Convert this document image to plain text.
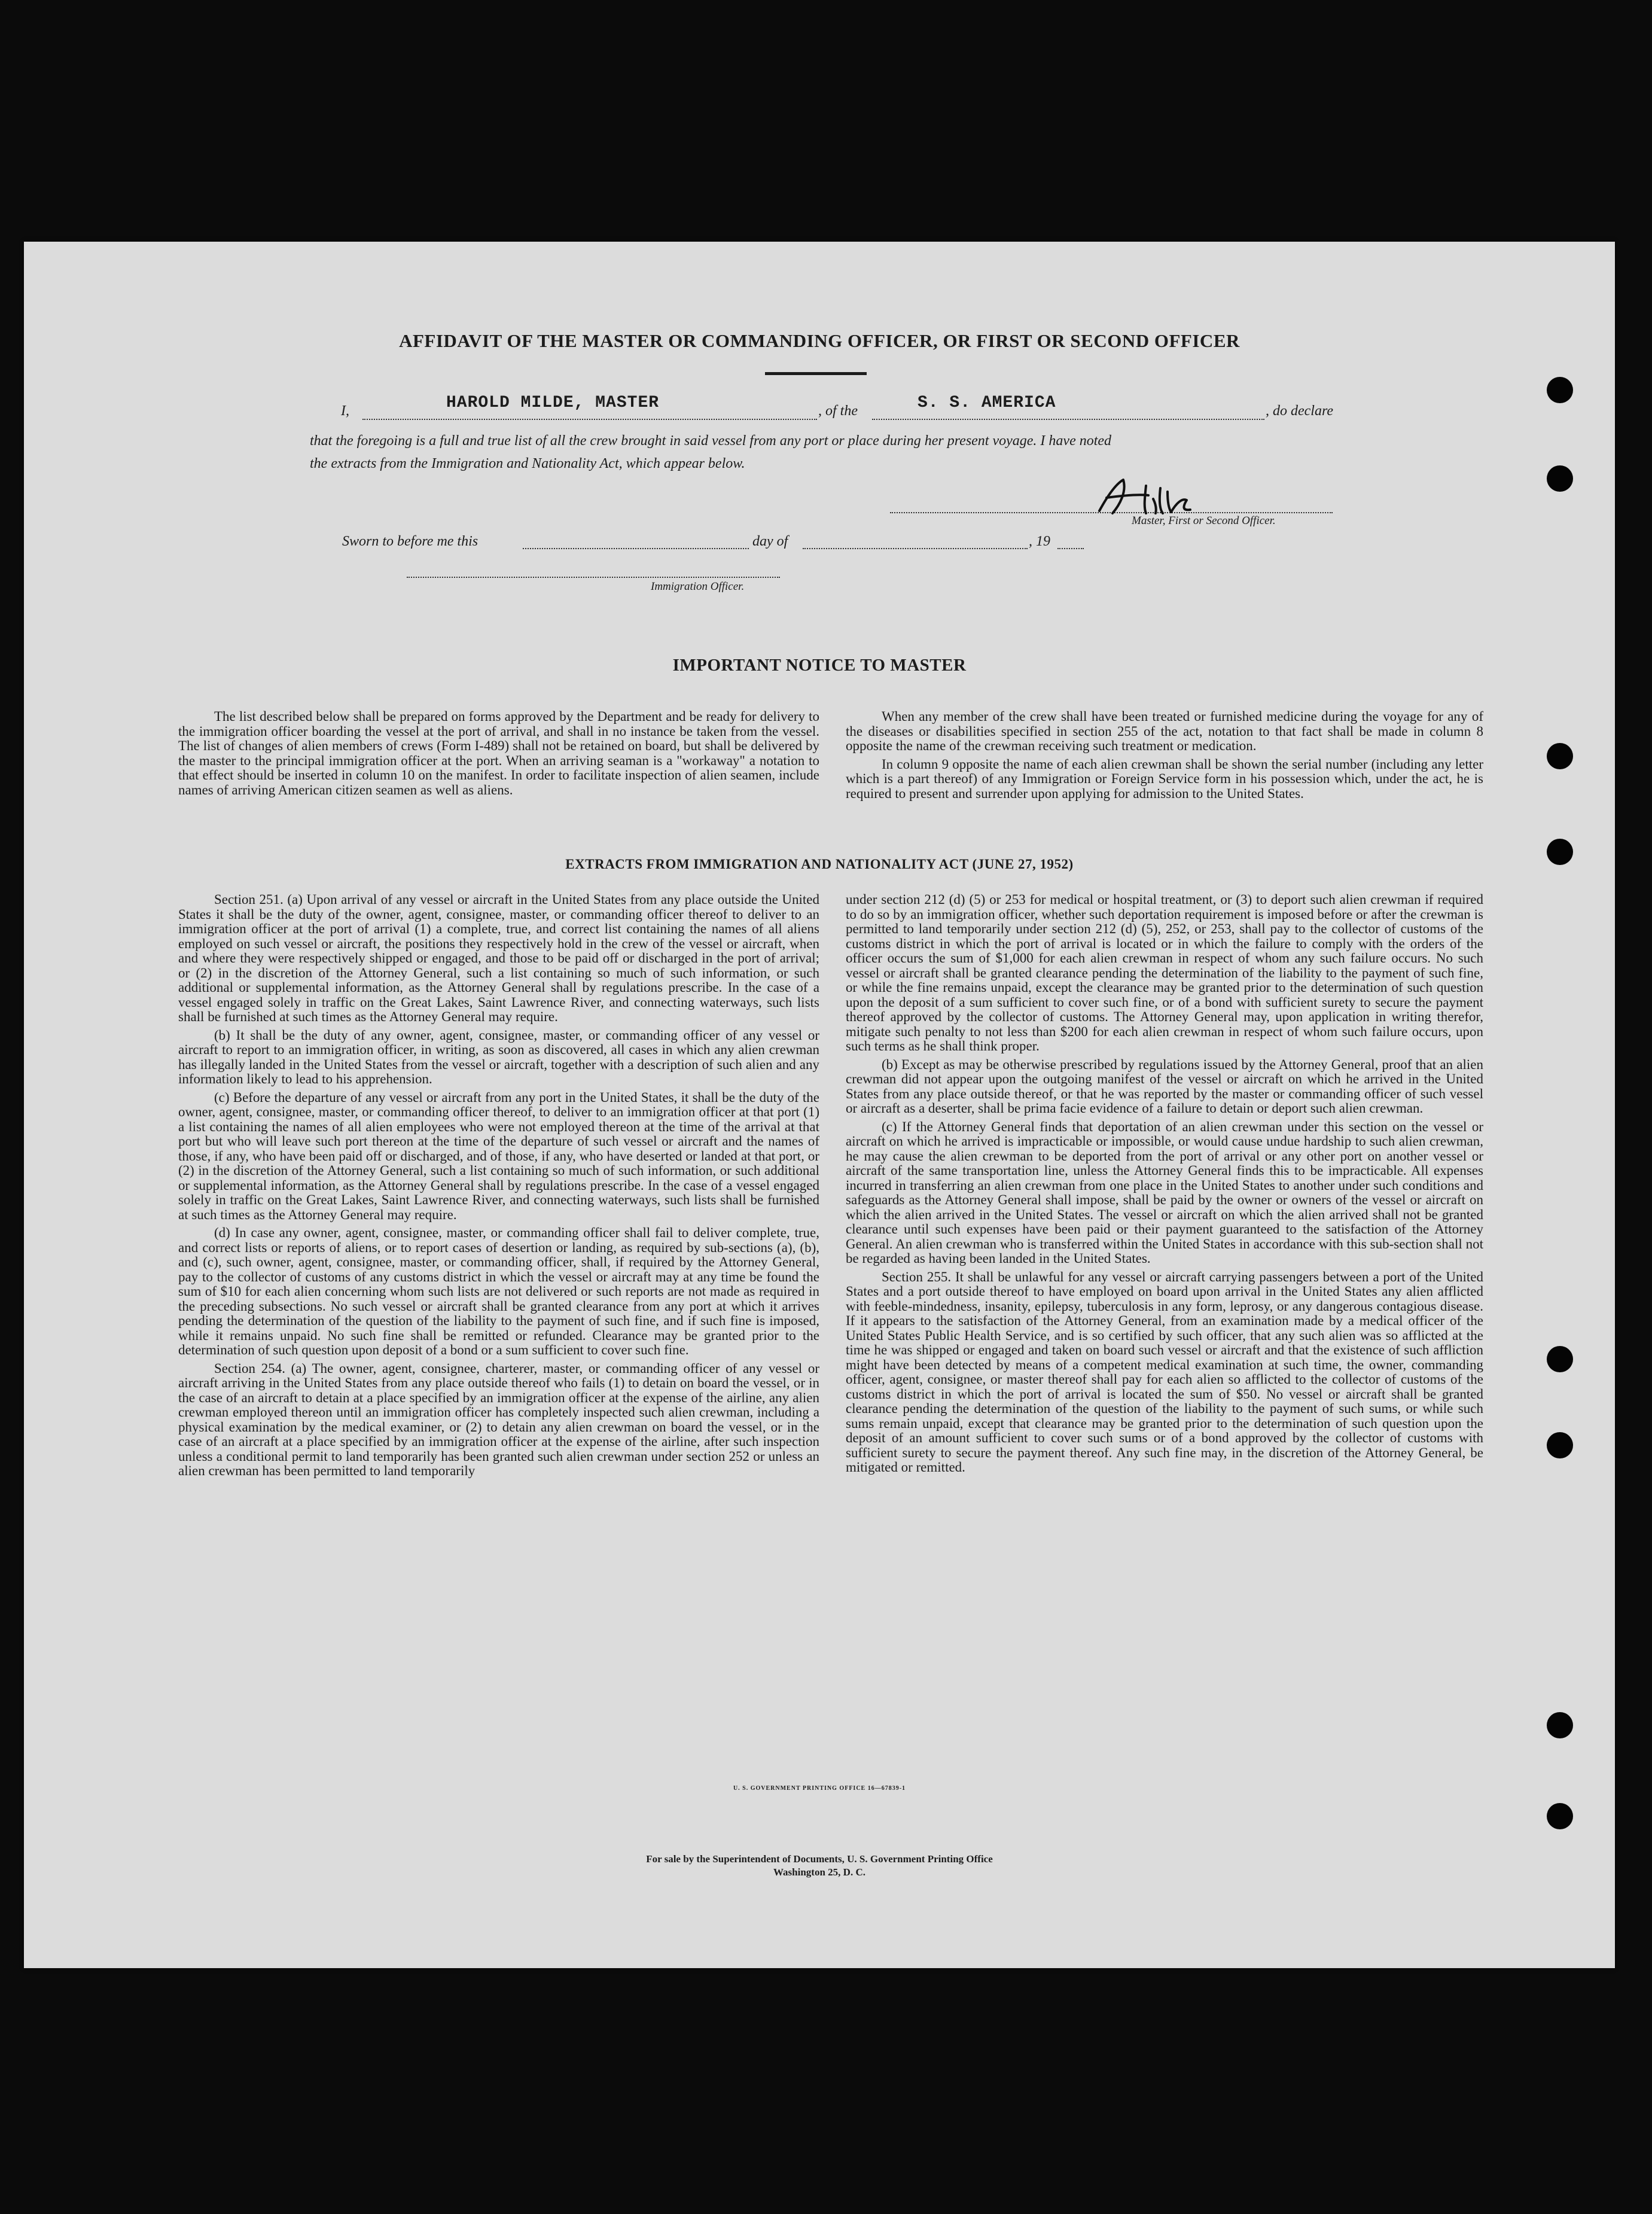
AFFIDAVIT OF THE MASTER OR COMMANDING OFFICER, OR FIRST OR SECOND OFFICER
I,	HAROLD MILDE, MASTER	, of the	S. S. AMERICA	, do declare
that the foregoing is a full and true list of all the crew brought in said vessel from any port or place during her present voyage. I have noted
the extracts from the Immigration and Nationality Act, which appear below.
Master, First or Second Officer.
Sworn to before me this	day of	, 19
Immigration Officer.
IMPORTANT NOTICE TO MASTER

The list described below shall be prepared on forms approved by the Department and be ready for delivery to the immigration officer boarding the vessel at the port of arrival, and shall in no instance be taken from the vessel. The list of changes of alien members of crews (Form I-489) shall not be retained on board, but shall be delivered by the master to the principal immigration officer at the port. When an arriving seaman is a "workaway" a notation to that effect should be inserted in column 10 on the manifest. In order to facilitate inspection of alien seamen, include names of arriving American citizen seamen as well as aliens.

When any member of the crew shall have been treated or furnished medicine during the voyage for any of the diseases or disabilities specified in section 255 of the act, notation to that fact shall be made in column 8 opposite the name of the crewman receiving such treatment or medication.

In column 9 opposite the name of each alien crewman shall be shown the serial number (including any letter which is a part thereof) of any Immigration or Foreign Service form in his possession which, under the act, he is required to present and surrender upon applying for admission to the United States.

EXTRACTS FROM IMMIGRATION AND NATIONALITY ACT (JUNE 27, 1952)

Section 251. (a) Upon arrival of any vessel or aircraft in the United States from any place outside the United States it shall be the duty of the owner, agent, consignee, master, or commanding officer thereof to deliver to an immigration officer at the port of arrival (1) a complete, true, and correct list containing the names of all aliens employed on such vessel or aircraft, the positions they respectively hold in the crew of the vessel or aircraft, when and where they were respectively shipped or engaged, and those to be paid off or discharged in the port of arrival; or (2) in the discretion of the Attorney General, such a list containing so much of such information, or such additional or supplemental information, as the Attorney General shall by regulations prescribe. In the case of a vessel engaged solely in traffic on the Great Lakes, Saint Lawrence River, and connecting waterways, such lists shall be furnished at such times as the Attorney General may require.

(b) It shall be the duty of any owner, agent, consignee, master, or commanding officer of any vessel or aircraft to report to an immigration officer, in writing, as soon as discovered, all cases in which any alien crewman has illegally landed in the United States from the vessel or aircraft, together with a description of such alien and any information likely to lead to his apprehension.

(c) Before the departure of any vessel or aircraft from any port in the United States, it shall be the duty of the owner, agent, consignee, master, or commanding officer thereof, to deliver to an immigration officer at that port (1) a list containing the names of all alien employees who were not employed thereon at the time of the arrival at that port but who will leave such port thereon at the time of the departure of such vessel or aircraft and the names of those, if any, who have been paid off or discharged, and of those, if any, who have deserted or landed at that port, or (2) in the discretion of the Attorney General, such a list containing so much of such information, or such additional or supplemental information, as the Attorney General shall by regulations prescribe. In the case of a vessel engaged solely in traffic on the Great Lakes, Saint Lawrence River, and connecting waterways, such lists shall be furnished at such times as the Attorney General may require.

(d) In case any owner, agent, consignee, master, or commanding officer shall fail to deliver complete, true, and correct lists or reports of aliens, or to report cases of desertion or landing, as required by sub-sections (a), (b), and (c), such owner, agent, consignee, master, or commanding officer, shall, if required by the Attorney General, pay to the collector of customs of any customs district in which the vessel or aircraft may at any time be found the sum of $10 for each alien concerning whom such lists are not delivered or such reports are not made as required in the preceding subsections. No such vessel or aircraft shall be granted clearance from any port at which it arrives pending the determination of the question of the liability to the payment of such fine, and if such fine is imposed, while it remains unpaid. No such fine shall be remitted or refunded. Clearance may be granted prior to the determination of such question upon deposit of a bond or a sum sufficient to cover such fine.

Section 254. (a) The owner, agent, consignee, charterer, master, or commanding officer of any vessel or aircraft arriving in the United States from any place outside thereof who fails (1) to detain on board the vessel, or in the case of an aircraft to detain at a place specified by an immigration officer at the expense of the airline, any alien crewman employed thereon until an immigration officer has completely inspected such alien crewman, including a physical examination by the medical examiner, or (2) to detain any alien crewman on board the vessel, or in the case of an aircraft at a place specified by an immigration officer at the expense of the airline, after such inspection unless a conditional permit to land temporarily has been granted such alien crewman under section 252 or unless an alien crewman has been permitted to land temporarily

under section 212 (d) (5) or 253 for medical or hospital treatment, or (3) to deport such alien crewman if required to do so by an immigration officer, whether such deportation requirement is imposed before or after the crewman is permitted to land temporarily under section 212 (d) (5), 252, or 253, shall pay to the collector of customs of the customs district in which the port of arrival is located or in which the failure to comply with the orders of the officer occurs the sum of $1,000 for each alien crewman in respect of whom any such failure occurs. No such vessel or aircraft shall be granted clearance pending the determination of the liability to the payment of such fine, or while the fine remains unpaid, except the clearance may be granted prior to the determination of such question upon the deposit of a sum sufficient to cover such fine, or of a bond with sufficient surety to secure the payment thereof approved by the collector of customs. The Attorney General may, upon application in writing therefor, mitigate such penalty to not less than $200 for each alien crewman in respect of whom such failure occurs, upon such terms as he shall think proper.

(b) Except as may be otherwise prescribed by regulations issued by the Attorney General, proof that an alien crewman did not appear upon the outgoing manifest of the vessel or aircraft on which he arrived in the United States from any place outside thereof, or that he was reported by the master or commanding officer of such vessel or aircraft as a deserter, shall be prima facie evidence of a failure to detain or deport such alien crewman.

(c) If the Attorney General finds that deportation of an alien crewman under this section on the vessel or aircraft on which he arrived is impracticable or impossible, or would cause undue hardship to such alien crewman, he may cause the alien crewman to be deported from the port of arrival or any other port on another vessel or aircraft of the same transportation line, unless the Attorney General finds this to be impracticable. All expenses incurred in transferring an alien crewman from one place in the United States to another under such conditions and safeguards as the Attorney General shall impose, shall be paid by the owner or owners of the vessel or aircraft on which the alien arrived in the United States. The vessel or aircraft on which the alien arrived shall not be granted clearance until such expenses have been paid or their payment guaranteed to the satisfaction of the Attorney General. An alien crewman who is transferred within the United States in accordance with this sub-section shall not be regarded as having been landed in the United States.

Section 255. It shall be unlawful for any vessel or aircraft carrying passengers between a port of the United States and a port outside thereof to have employed on board upon arrival in the United States any alien afflicted with feeble-mindedness, insanity, epilepsy, tuberculosis in any form, leprosy, or any dangerous contagious disease. If it appears to the satisfaction of the Attorney General, from an examination made by a medical officer of the United States Public Health Service, and is so certified by such officer, that any such alien was so afflicted at the time he was shipped or engaged and taken on board such vessel or aircraft and that the existence of such affliction might have been detected by means of a competent medical examination at such time, the owner, commanding officer, agent, consignee, or master thereof shall pay for each alien so afflicted to the collector of customs of the customs district in which the port of arrival is located the sum of $50. No vessel or aircraft shall be granted clearance pending the determination of the question of the liability to the payment of such sums, or while such sums remain unpaid, except that clearance may be granted prior to the determination of such question upon the deposit of an amount sufficient to cover such sums or of a bond approved by the collector of customs with sufficient surety to secure the payment thereof. Any such fine may, in the discretion of the Attorney General, be mitigated or remitted.

U. S. GOVERNMENT PRINTING OFFICE 16—67839-1
For sale by the Superintendent of Documents, U. S. Government Printing Office
Washington 25, D. C.
